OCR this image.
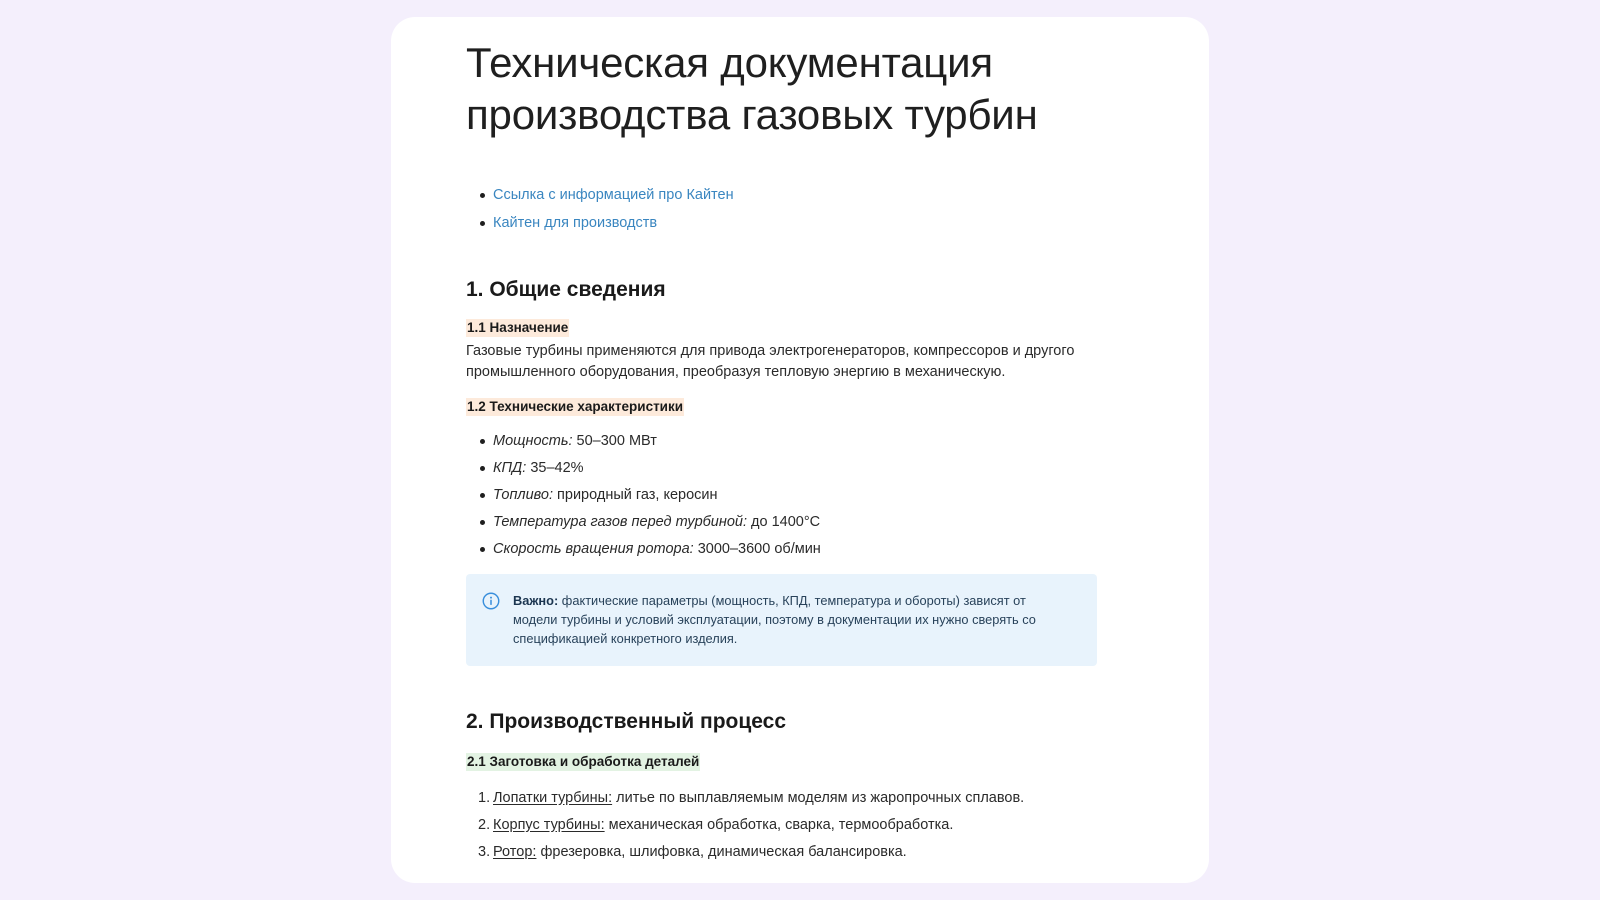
Техническая документация
производства газовых турбин
Ссылка с информацией про Кайтен
Кайтен для производств
1. Общие сведения
1.1 Назначение

Газовые турбины применяются для привода электрогенераторов, компрессоров и другого промышленного оборудования, преобразуя тепловую энергию в механическую.

1.2 Технические характеристики
Мощность: 50–300 МВт
КПД: 35–42%
Топливо: природный газ, керосин
Температура газов перед турбиной: до 1400°C
Скорость вращения ротора: 3000–3600 об/мин
Важно: фактические параметры (мощность, КПД, температура и обороты) зависят от модели турбины и условий эксплуатации, поэтому в документации их нужно сверять со спецификацией конкретного изделия.
2. Производственный процесс
2.1 Заготовка и обработка деталей
1. Лопатки турбины: литье по выплавляемым моделям из жаропрочных сплавов.
2. Корпус турбины: механическая обработка, сварка, термообработка.
3. Ротор: фрезеровка, шлифовка, динамическая балансировка.
